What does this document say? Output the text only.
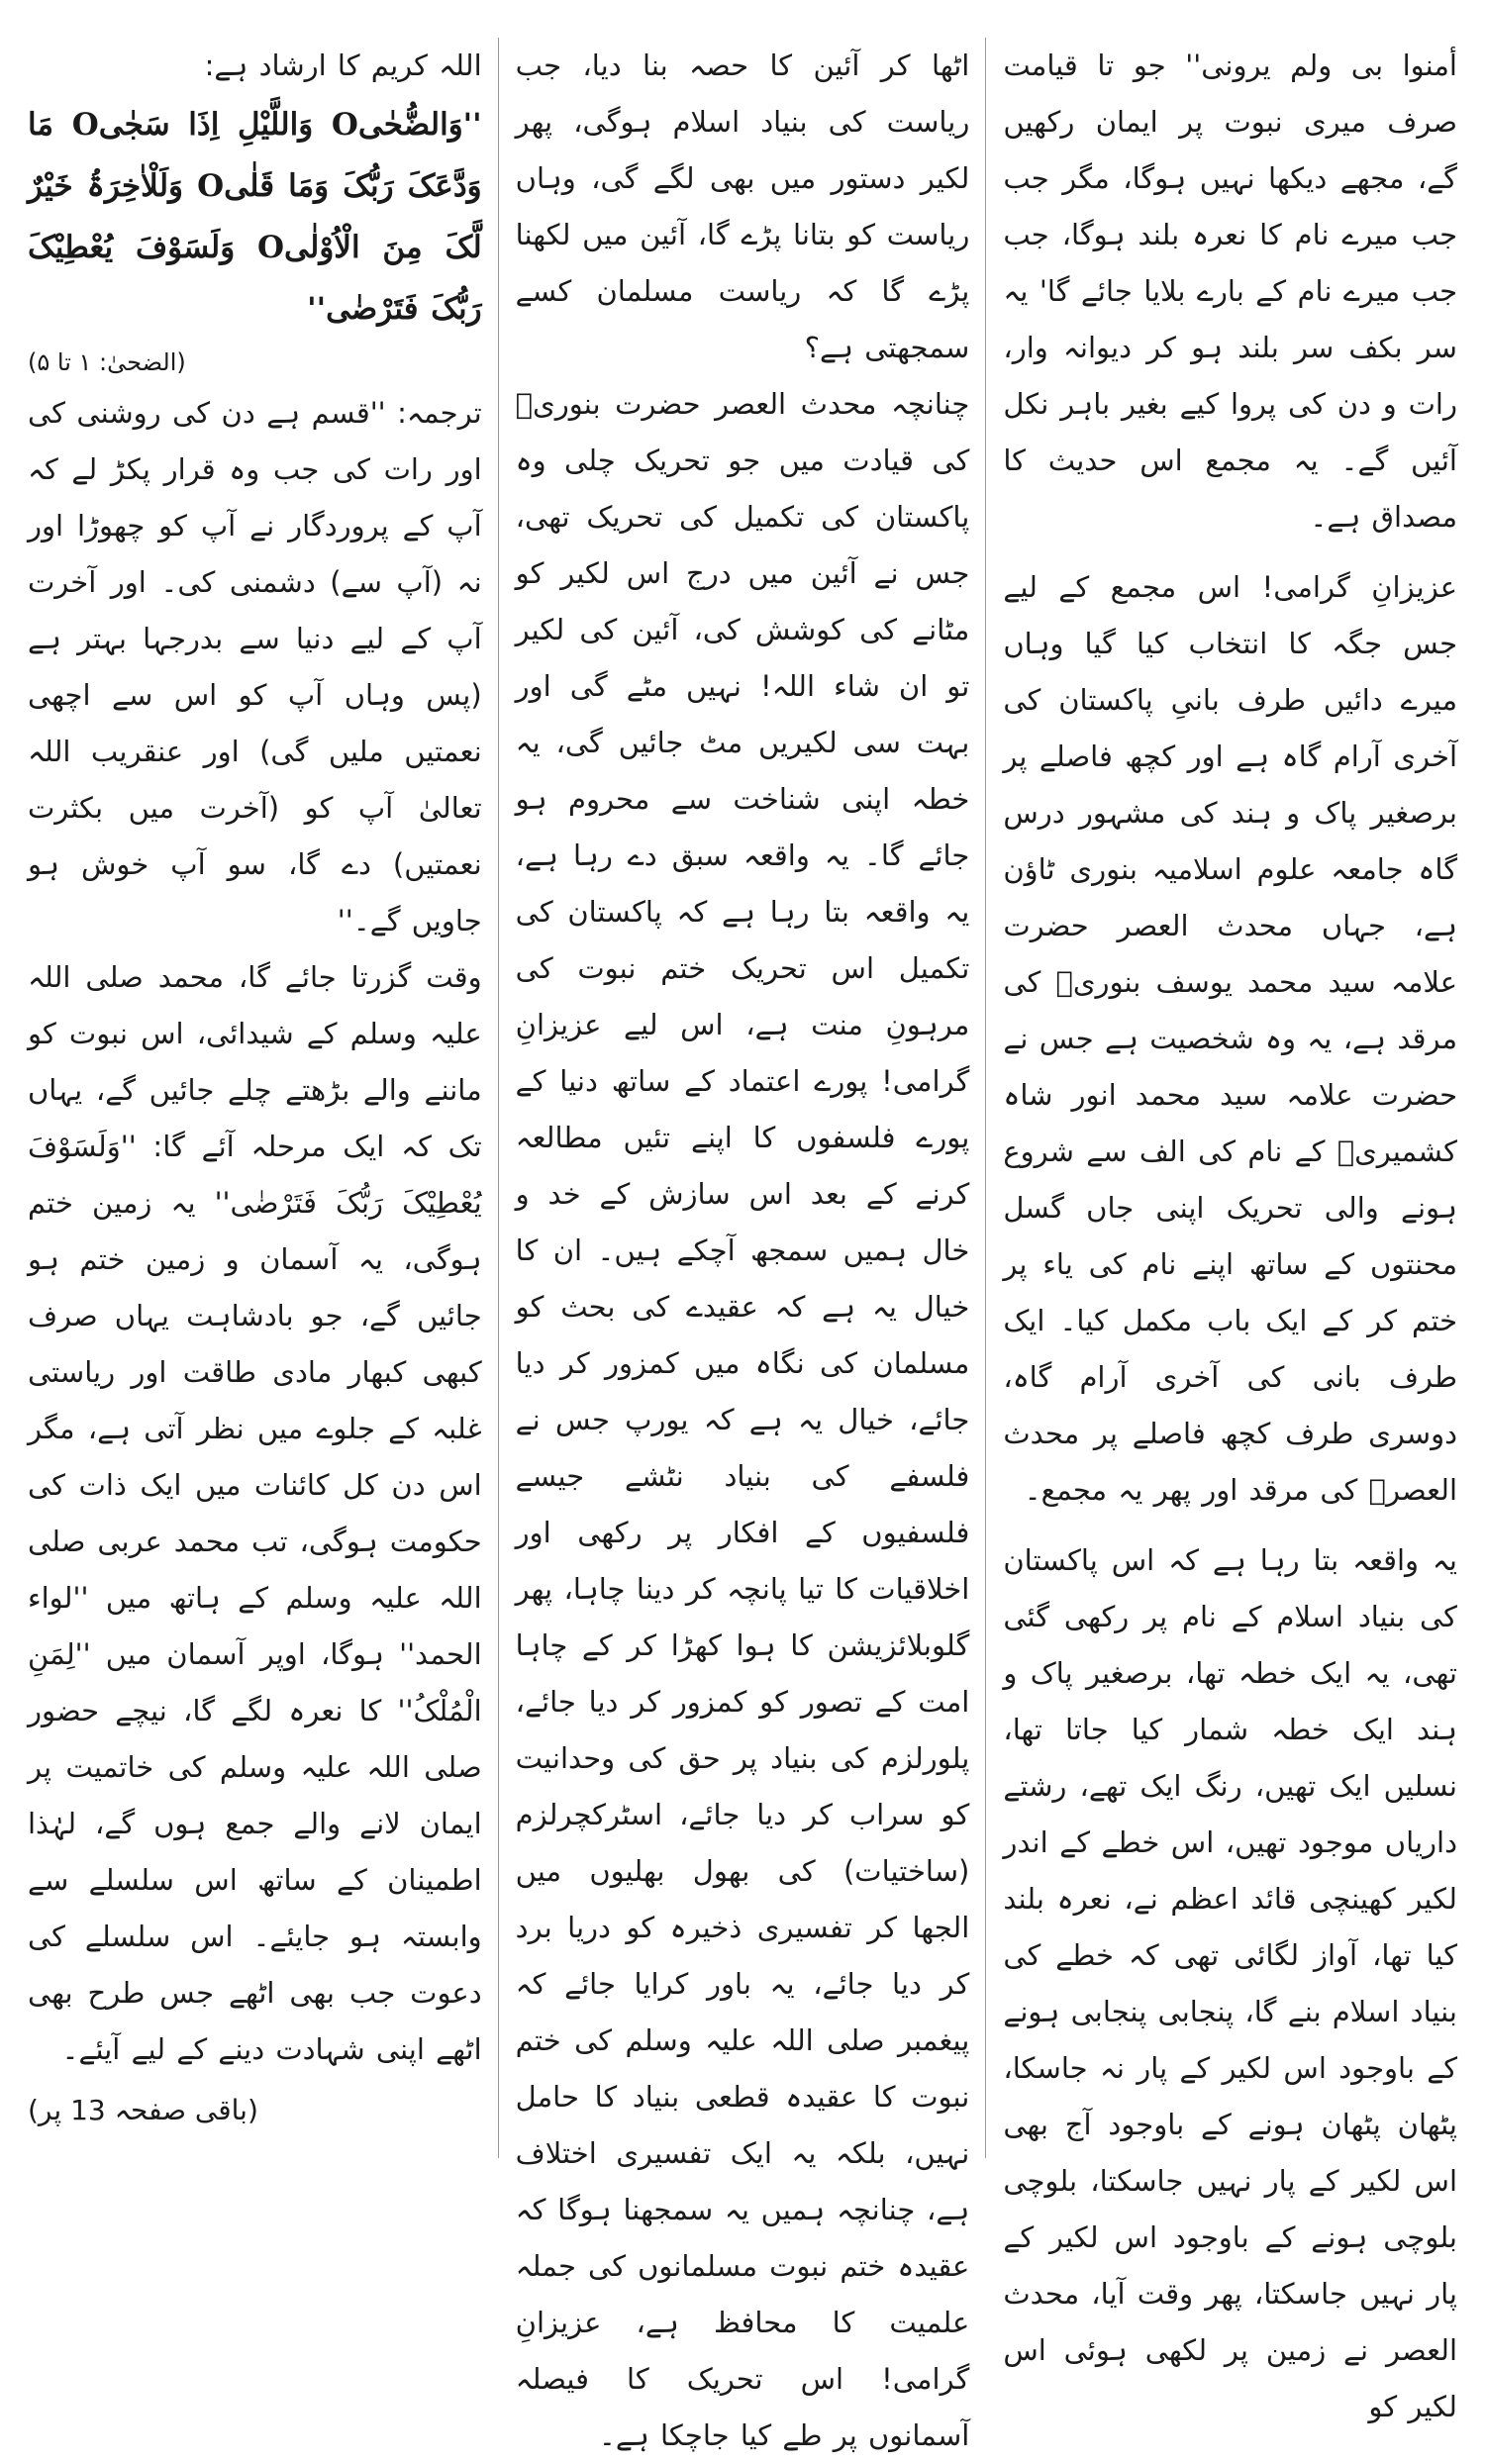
أمنوا بی ولم یرونی'' جو تا قیامت صرف میری نبوت پر ایمان رکھیں گے، مجھے دیکھا نہیں ہوگا، مگر جب جب میرے نام کا نعرہ بلند ہوگا، جب جب میرے نام کے بارے بلایا جائے گا' یہ سر بکف سر بلند ہو کر دیوانہ وار، رات و دن کی پروا کیے بغیر باہر نکل آئیں گے۔ یہ مجمع اس حدیث کا مصداق ہے۔

عزیزانِ گرامی! اس مجمع کے لیے جس جگہ کا انتخاب کیا گیا وہاں میرے دائیں طرف بانیِ پاکستان کی آخری آرام گاہ ہے اور کچھ فاصلے پر برصغیر پاک و ہند کی مشہور درس گاہ جامعہ علوم اسلامیہ بنوری ٹاؤن ہے، جہاں محدث العصر حضرت علامہ سید محمد یوسف بنوریؒ کی مرقد ہے، یہ وہ شخصیت ہے جس نے حضرت علامہ سید محمد انور شاہ کشمیریؒ کے نام کی الف سے شروع ہونے والی تحریک اپنی جاں گسل محنتوں کے ساتھ اپنے نام کی یاء پر ختم کر کے ایک باب مکمل کیا۔ ایک طرف بانی کی آخری آرام گاہ، دوسری طرف کچھ فاصلے پر محدث العصرؒ کی مرقد اور پھر یہ مجمع۔

یہ واقعہ بتا رہا ہے کہ اس پاکستان کی بنیاد اسلام کے نام پر رکھی گئی تھی، یہ ایک خطہ تھا، برصغیر پاک و ہند ایک خطہ شمار کیا جاتا تھا، نسلیں ایک تھیں، رنگ ایک تھے، رشتے داریاں موجود تھیں، اس خطے کے اندر لکیر کھینچی قائد اعظم نے، نعرہ بلند کیا تھا، آواز لگائی تھی کہ خطے کی بنیاد اسلام بنے گا، پنجابی پنجابی ہونے کے باوجود اس لکیر کے پار نہ جاسکا، پٹھان پٹھان ہونے کے باوجود آج بھی اس لکیر کے پار نہیں جاسکتا، بلوچی بلوچی ہونے کے باوجود اس لکیر کے پار نہیں جاسکتا، پھر وقت آیا، محدث العصر نے زمین پر لکھی ہوئی اس لکیر کو

اٹھا کر آئین کا حصہ بنا دیا، جب ریاست کی بنیاد اسلام ہوگی، پھر لکیر دستور میں بھی لگے گی، وہاں ریاست کو بتانا پڑے گا، آئین میں لکھنا پڑے گا کہ ریاست مسلمان کسے سمجھتی ہے؟

چنانچہ محدث العصر حضرت بنوریؒ کی قیادت میں جو تحریک چلی وہ پاکستان کی تکمیل کی تحریک تھی، جس نے آئین میں درج اس لکیر کو مٹانے کی کوشش کی، آئین کی لکیر تو ان شاء اللہ! نہیں مٹے گی اور بہت سی لکیریں مٹ جائیں گی، یہ خطہ اپنی شناخت سے محروم ہو جائے گا۔ یہ واقعہ سبق دے رہا ہے، یہ واقعہ بتا رہا ہے کہ پاکستان کی تکمیل اس تحریک ختم نبوت کی مرہونِ منت ہے، اس لیے عزیزانِ گرامی! پورے اعتماد کے ساتھ دنیا کے پورے فلسفوں کا اپنے تئیں مطالعہ کرنے کے بعد اس سازش کے خد و خال ہمیں سمجھ آچکے ہیں۔ ان کا خیال یہ ہے کہ عقیدے کی بحث کو مسلمان کی نگاہ میں کمزور کر دیا جائے، خیال یہ ہے کہ یورپ جس نے فلسفے کی بنیاد نٹشے جیسے فلسفیوں کے افکار پر رکھی اور اخلاقیات کا تیا پانچہ کر دینا چاہا، پھر گلوبلائزیشن کا ہوا کھڑا کر کے چاہا امت کے تصور کو کمزور کر دیا جائے، پلورلزم کی بنیاد پر حق کی وحدانیت کو سراب کر دیا جائے، اسٹرکچرلزم (ساختیات) کی بھول بھلیوں میں الجھا کر تفسیری ذخیرہ کو دریا برد کر دیا جائے، یہ باور کرایا جائے کہ پیغمبر صلی اللہ علیہ وسلم کی ختم نبوت کا عقیدہ قطعی بنیاد کا حامل نہیں، بلکہ یہ ایک تفسیری اختلاف ہے، چنانچہ ہمیں یہ سمجھنا ہوگا کہ عقیدہ ختم نبوت مسلمانوں کی جملہ علمیت کا محافظ ہے، عزیزانِ گرامی! اس تحریک کا فیصلہ آسمانوں پر طے کیا جاچکا ہے۔

اللہ کریم کا ارشاد ہے:

''وَالضُّحٰیO وَاللَّیْلِ اِذَا سَجٰیO مَا وَدَّعَکَ رَبُّکَ وَمَا قَلٰیO وَلَلْاٰخِرَۃُ خَیْرٌ لَّکَ مِنَ الْاُوْلٰیO وَلَسَوْفَ یُعْطِیْکَ رَبُّکَ فَتَرْضٰی''

(الضحیٰ: ۱ تا ۵)

ترجمہ: ''قسم ہے دن کی روشنی کی اور رات کی جب وہ قرار پکڑ لے کہ آپ کے پروردگار نے آپ کو چھوڑا اور نہ (آپ سے) دشمنی کی۔ اور آخرت آپ کے لیے دنیا سے بدرجہا بہتر ہے (پس وہاں آپ کو اس سے اچھی نعمتیں ملیں گی) اور عنقریب اللہ تعالیٰ آپ کو (آخرت میں بکثرت نعمتیں) دے گا، سو آپ خوش ہو جاویں گے۔''

وقت گزرتا جائے گا، محمد صلی اللہ علیہ وسلم کے شیدائی، اس نبوت کو ماننے والے بڑھتے چلے جائیں گے، یہاں تک کہ ایک مرحلہ آئے گا: ''وَلَسَوْفَ یُعْطِیْکَ رَبُّکَ فَتَرْضٰی'' یہ زمین ختم ہوگی، یہ آسمان و زمین ختم ہو جائیں گے، جو بادشاہت یہاں صرف کبھی کبھار مادی طاقت اور ریاستی غلبہ کے جلوے میں نظر آتی ہے، مگر اس دن کل کائنات میں ایک ذات کی حکومت ہوگی، تب محمد عربی صلی اللہ علیہ وسلم کے ہاتھ میں ''لواء الحمد'' ہوگا، اوپر آسمان میں ''لِمَنِ الْمُلْکُ'' کا نعرہ لگے گا، نیچے حضور صلی اللہ علیہ وسلم کی خاتمیت پر ایمان لانے والے جمع ہوں گے، لہٰذا اطمینان کے ساتھ اس سلسلے سے وابستہ ہو جایئے۔ اس سلسلے کی دعوت جب بھی اٹھے جس طرح بھی اٹھے اپنی شہادت دینے کے لیے آیئے۔

(باقی صفحہ 13 پر)
